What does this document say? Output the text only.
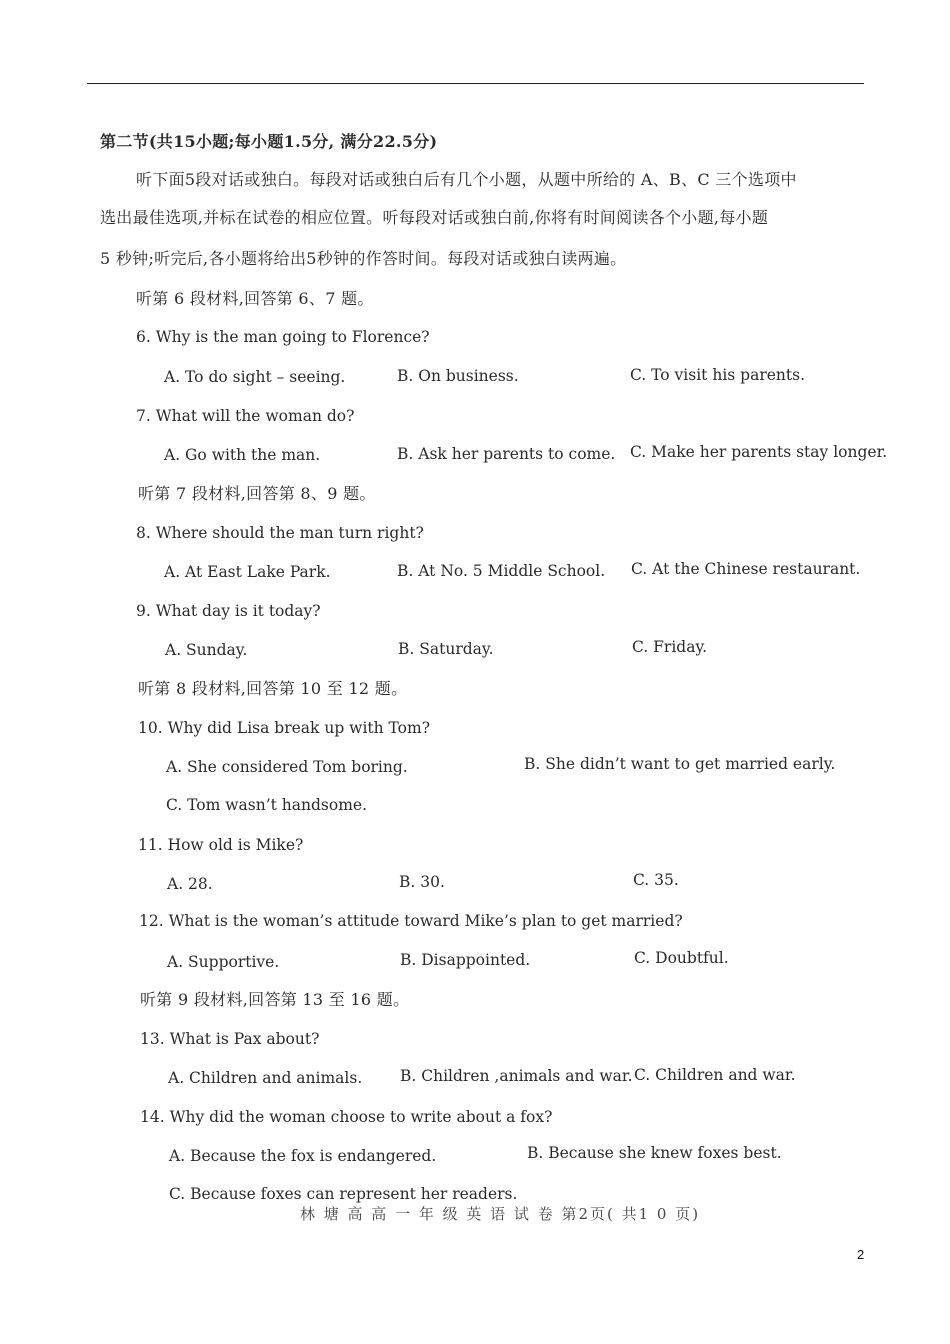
第二节(共15小题;每小题1.5分, 满分22.5分)
听下面5段对话或独白。每段对话或独白后有几个小题，从题中所给的 A、B、C 三个选项中
选出最佳选项,并标在试卷的相应位置。听每段对话或独白前,你将有时间阅读各个小题,每小题
5 秒钟;听完后,各小题将给出5秒钟的作答时间。每段对话或独白读两遍。
听第 6 段材料,回答第 6、7 题。
6. Why is the man going to Florence?
A. To do sight – seeing.	B. On business.	C. To visit his parents.
7. What will the woman do?
A. Go with the man.	B. Ask her parents to come. C. Make her parents stay longer.
听第 7 段材料,回答第 8、9 题。
8. Where should the man turn right?
A. At East Lake Park.	B. At No. 5 Middle School. C. At the Chinese restaurant.
9. What day is it today?
A. Sunday.	B. Saturday.	C. Friday.
听第 8 段材料,回答第 10 至 12 题。
10. Why did Lisa break up with Tom?
A. She considered Tom boring.	B. She didn’t want to get married early.
C. Tom wasn’t handsome.
11. How old is Mike?
A. 28.	B. 30.	C. 35.
12. What is the woman’s attitude toward Mike’s plan to get married?
A. Supportive.	B. Disappointed.	C. Doubtful.
听第 9 段材料,回答第 13 至 16 题。
13. What is Pax about?
A. Children and animals. B. Children ,animals and war. C. Children and war.
14. Why did the woman choose to write about a fox?
A. Because the fox is endangered.	B. Because she knew foxes best.
C. Because foxes can represent her readers.
林 塘 高 高 一 年 级 英 语 试 卷 第2页( 共1 0 页)
2
